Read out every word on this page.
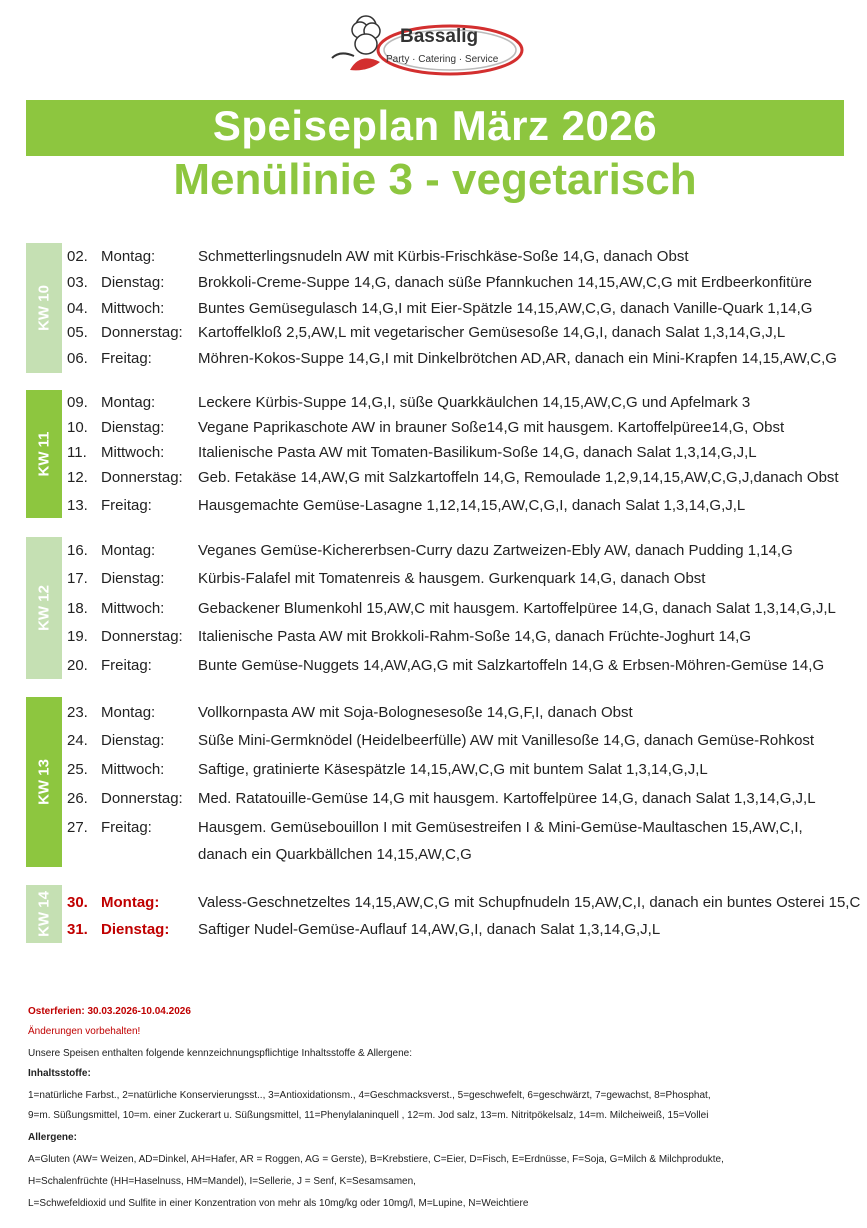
Bassalig
Party · Catering · Service
Speiseplan März 2026
Menülinie 3 - vegetarisch
KW 10
KW 11
KW 12
KW 13
KW 14
02. Montag:	Schmetterlingsnudeln AW mit Kürbis-Frischkäse-Soße 14,G, danach Obst
03. Dienstag: Brokkoli-Creme-Suppe 14,G, danach süße Pfannkuchen 14,15,AW,C,G mit Erdbeerkonfitüre
04. Mittwoch: Buntes Gemüsegulasch 14,G,I mit Eier-Spätzle 14,15,AW,C,G, danach Vanille-Quark 1,14,G
05. Donnerstag: Kartoffelkloß 2,5,AW,L mit vegetarischer Gemüsesoße 14,G,I, danach Salat 1,3,14,G,J,L
06. Freitag:	Möhren-Kokos-Suppe 14,G,I mit Dinkelbrötchen AD,AR, danach ein Mini-Krapfen 14,15,AW,C,G
09. Montag:	Leckere Kürbis-Suppe 14,G,I, süße Quarkkäulchen 14,15,AW,C,G und Apfelmark 3
10. Dienstag: Vegane Paprikaschote AW in brauner Soße14,G mit hausgem. Kartoffelpüree14,G, Obst
11. Mittwoch: Italienische Pasta AW mit Tomaten-Basilikum-Soße 14,G, danach Salat 1,3,14,G,J,L
12. Donnerstag: Geb. Fetakäse 14,AW,G mit Salzkartoffeln 14,G, Remoulade 1,2,9,14,15,AW,C,G,J,danach Obst
13. Freitag:	Hausgemachte Gemüse-Lasagne 1,12,14,15,AW,C,G,I, danach Salat 1,3,14,G,J,L
16. Montag:	Veganes Gemüse-Kichererbsen-Curry dazu Zartweizen-Ebly AW, danach Pudding 1,14,G
17. Dienstag: Kürbis-Falafel mit Tomatenreis & hausgem. Gurkenquark 14,G, danach Obst
18. Mittwoch: Gebackener Blumenkohl 15,AW,C mit hausgem. Kartoffelpüree 14,G, danach Salat 1,3,14,G,J,L
19. Donnerstag: Italienische Pasta AW mit Brokkoli-Rahm-Soße 14,G, danach Früchte-Joghurt 14,G
20. Freitag:	Bunte Gemüse-Nuggets 14,AW,AG,G mit Salzkartoffeln 14,G & Erbsen-Möhren-Gemüse 14,G
23. Montag:	Vollkornpasta AW mit Soja-Bolognesesoße 14,G,F,I, danach Obst
24. Dienstag: Süße Mini-Germknödel (Heidelbeerfülle) AW mit Vanillesoße 14,G, danach Gemüse-Rohkost
25. Mittwoch: Saftige, gratinierte Käsespätzle 14,15,AW,C,G mit buntem Salat 1,3,14,G,J,L
26. Donnerstag: Med. Ratatouille-Gemüse 14,G mit hausgem. Kartoffelpüree 14,G, danach Salat 1,3,14,G,J,L
27. Freitag:	Hausgem. Gemüsebouillon I mit Gemüsestreifen I & Mini-Gemüse-Maultaschen 15,AW,C,I,
danach ein Quarkbällchen 14,15,AW,C,G
30. Montag:	Valess-Geschnetzeltes 14,15,AW,C,G mit Schupfnudeln 15,AW,C,I, danach ein buntes Osterei 15,C
31. Dienstag: Saftiger Nudel-Gemüse-Auflauf 14,AW,G,I, danach Salat 1,3,14,G,J,L
Osterferien: 30.03.2026-10.04.2026
Änderungen vorbehalten!
Unsere Speisen enthalten folgende kennzeichnungspflichtige Inhaltsstoffe & Allergene:
Inhaltsstoffe:
1=natürliche Farbst., 2=natürliche Konservierungsst.., 3=Antioxidationsm., 4=Geschmacksverst., 5=geschwefelt, 6=geschwärzt, 7=gewachst, 8=Phosphat,
9=m. Süßungsmittel, 10=m. einer Zuckerart u. Süßungsmittel, 11=Phenylalaninquell , 12=m. Jod salz, 13=m. Nitritpökelsalz, 14=m. Milcheiweiß, 15=Vollei
Allergene:
A=Gluten (AW= Weizen, AD=Dinkel, AH=Hafer, AR = Roggen, AG = Gerste), B=Krebstiere, C=Eier, D=Fisch, E=Erdnüsse, F=Soja, G=Milch & Milchprodukte,
H=Schalenfrüchte (HH=Haselnuss, HM=Mandel), I=Sellerie, J = Senf, K=Sesamsamen,
L=Schwefeldioxid und Sulfite in einer Konzentration von mehr als 10mg/kg oder 10mg/l, M=Lupine, N=Weichtiere
